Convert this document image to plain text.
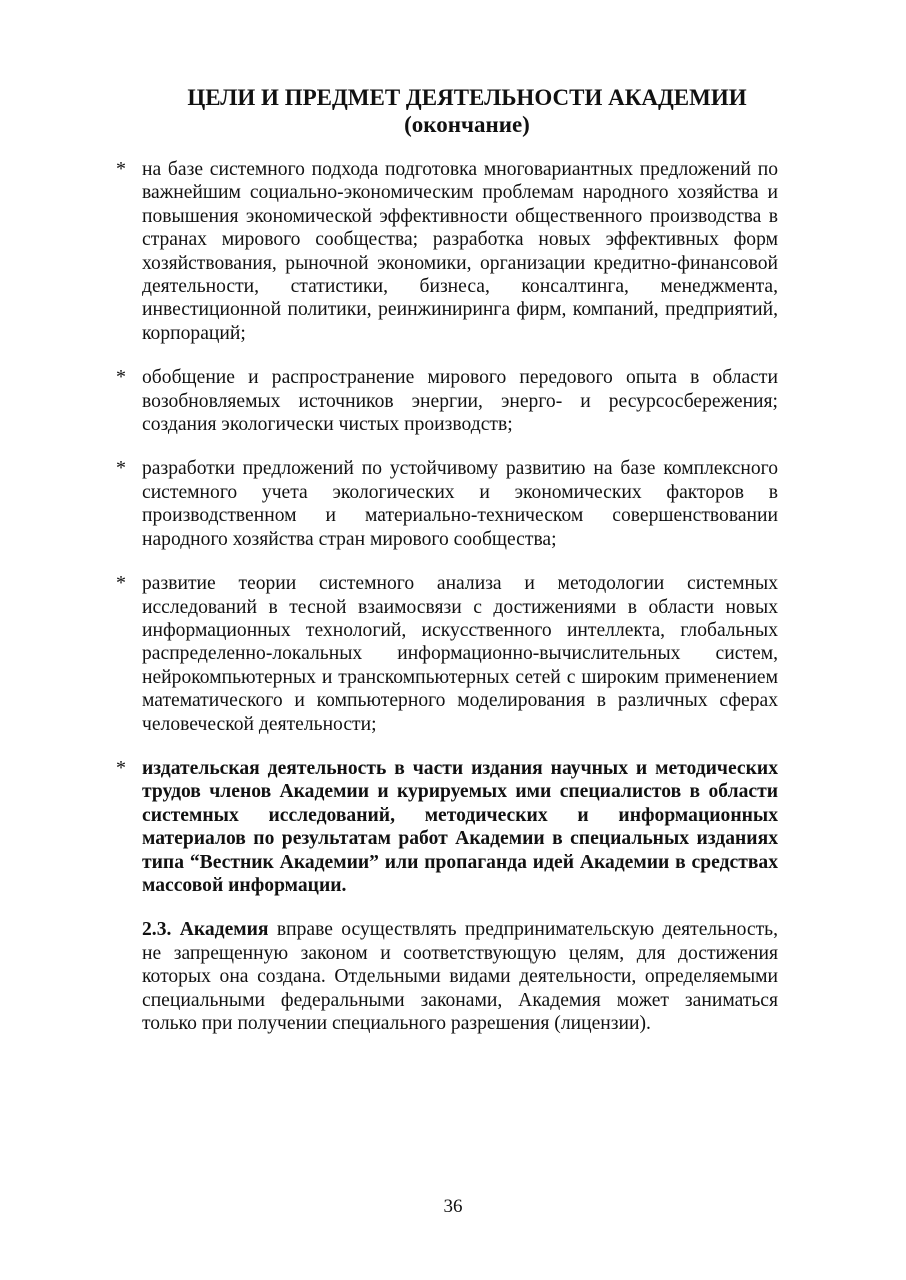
ЦЕЛИ И ПРЕДМЕТ ДЕЯТЕЛЬНОСТИ АКАДЕМИИ
(окончание)
* на базе системного подхода подготовка многовариантных предложений по важнейшим социально-экономическим проблемам народного хозяйства и повышения экономической эффективности общественного производства в странах мирового сообщества; разработка новых эффективных форм хозяйствования, рыночной экономики, организации кредитно-финансовой деятельности, статистики, бизнеса, консалтинга, менеджмента, инвестиционной политики, реинжиниринга фирм, компаний, предприятий, корпораций;
* обобщение и распространение мирового передового опыта в области возобновляемых источников энергии, энерго- и ресурсосбережения; создания экологически чистых производств;
* разработки предложений по устойчивому развитию на базе комплексного системного учета экологических и экономических факторов в производственном и материально-техническом совершенствовании народного хозяйства стран мирового сообщества;
* развитие теории системного анализа и методологии системных исследований в тесной взаимосвязи с достижениями в области новых информационных технологий, искусственного интеллекта, глобальных распределенно-локальных информационно-вычислительных систем, нейрокомпьютерных и транскомпьютерных сетей с широким применением математического и компьютерного моделирования в различных сферах человеческой деятельности;
* издательская деятельность в части издания научных и методических трудов членов Академии и курируемых ими специалистов в области системных исследований, методических и информационных материалов по результатам работ Академии в специальных изданиях типа “Вестник Академии” или пропаганда идей Академии в средствах массовой информации.
2.3. Академия вправе осуществлять предпринимательскую деятельность, не запрещенную законом и соответствующую целям, для достижения которых она создана. Отдельными видами деятельности, определяемыми специальными федеральными законами, Академия может заниматься только при получении специального разрешения (лицензии).
36
